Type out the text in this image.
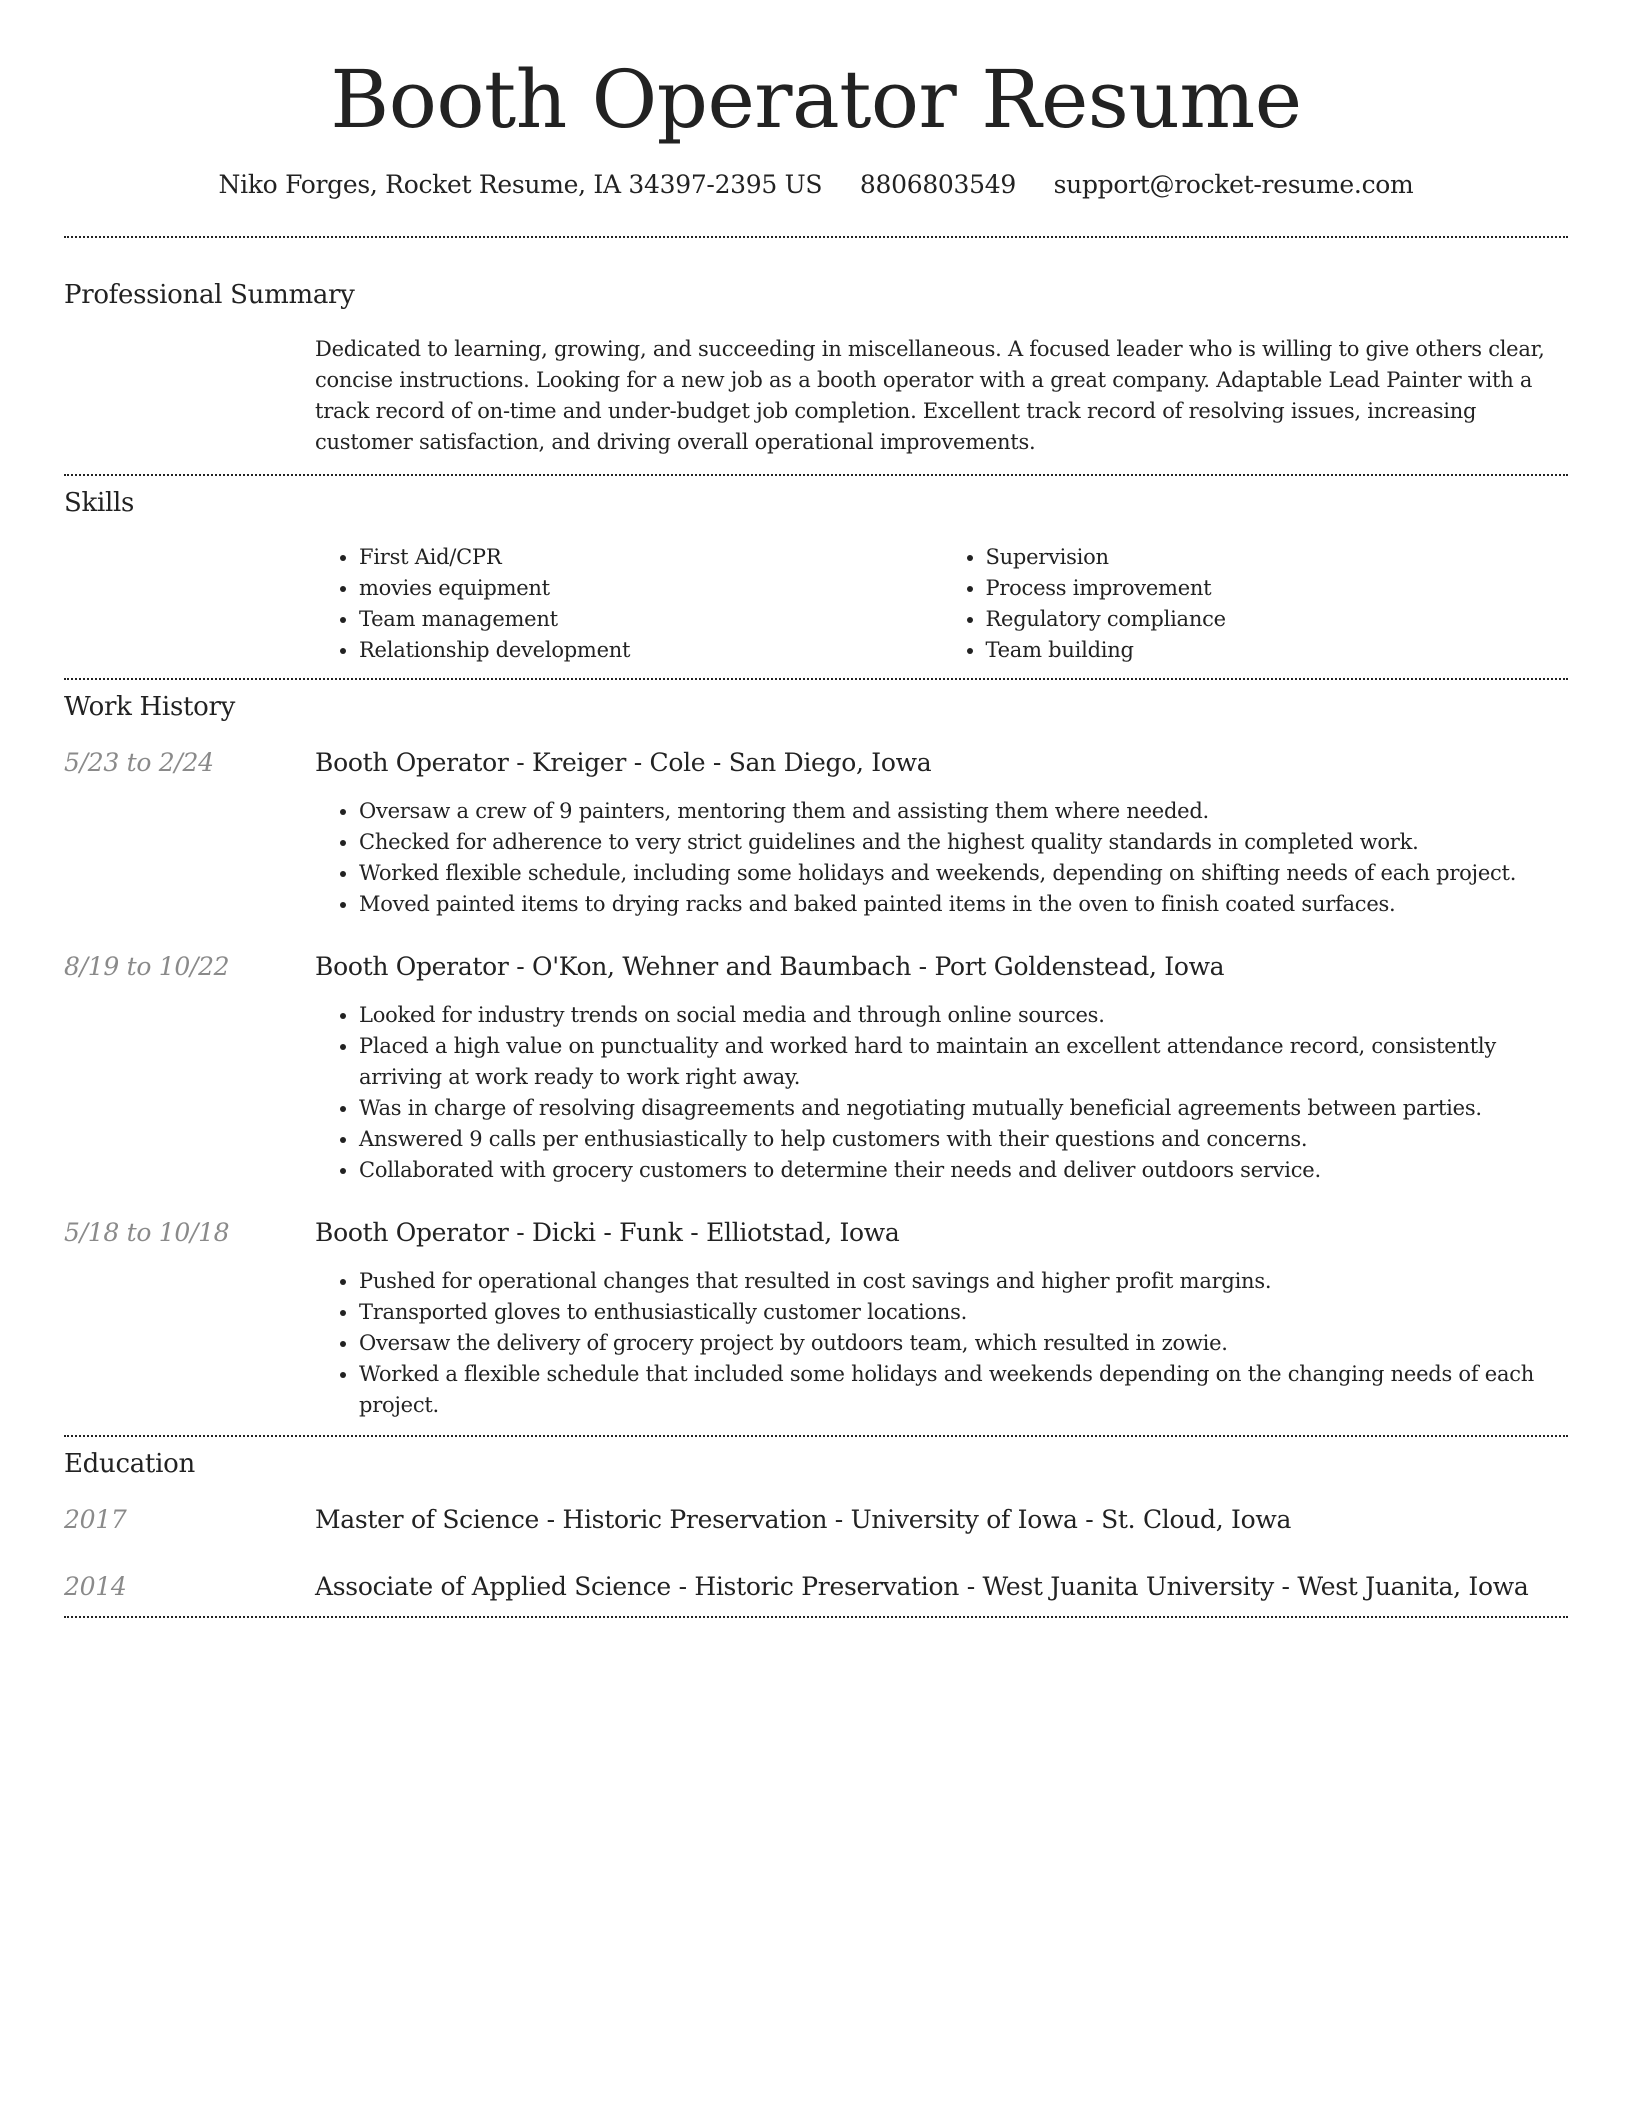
Booth Operator Resume
Niko Forges, Rocket Resume, IA 34397-2395 US 8806803549 support@rocket-resume.com
Professional Summary

Dedicated to learning, growing, and succeeding in miscellaneous. A focused leader who is willing to give others clear, concise instructions. Looking for a new job as a booth operator with a great company. Adaptable Lead Painter with a track record of on-time and under-budget job completion. Excellent track record of resolving issues, increasing customer satisfaction, and driving overall operational improvements.

Skills
• First Aid/CPR
• movies equipment
• Team management
• Relationship development
• Supervision
• Process improvement
• Regulatory compliance
• Team building
Work History
5/23 to 2/24	Booth Operator - Kreiger - Cole - San Diego, Iowa
• Oversaw a crew of 9 painters, mentoring them and assisting them where needed.
• Checked for adherence to very strict guidelines and the highest quality standards in completed work.
• Worked flexible schedule, including some holidays and weekends, depending on shifting needs of each project.
• Moved painted items to drying racks and baked painted items in the oven to finish coated surfaces.
8/19 to 10/22	Booth Operator - O'Kon, Wehner and Baumbach - Port Goldenstead, Iowa
• Looked for industry trends on social media and through online sources.
• Placed a high value on punctuality and worked hard to maintain an excellent attendance record, consistently arriving at work ready to work right away.
• Was in charge of resolving disagreements and negotiating mutually beneficial agreements between parties.
• Answered 9 calls per enthusiastically to help customers with their questions and concerns.
• Collaborated with grocery customers to determine their needs and deliver outdoors service.
5/18 to 10/18	Booth Operator - Dicki - Funk - Elliotstad, Iowa
• Pushed for operational changes that resulted in cost savings and higher profit margins.
• Transported gloves to enthusiastically customer locations.
• Oversaw the delivery of grocery project by outdoors team, which resulted in zowie.
• Worked a flexible schedule that included some holidays and weekends depending on the changing needs of each project.
Education
2017	Master of Science - Historic Preservation - University of Iowa - St. Cloud, Iowa
2014	Associate of Applied Science - Historic Preservation - West Juanita University - West Juanita, Iowa
